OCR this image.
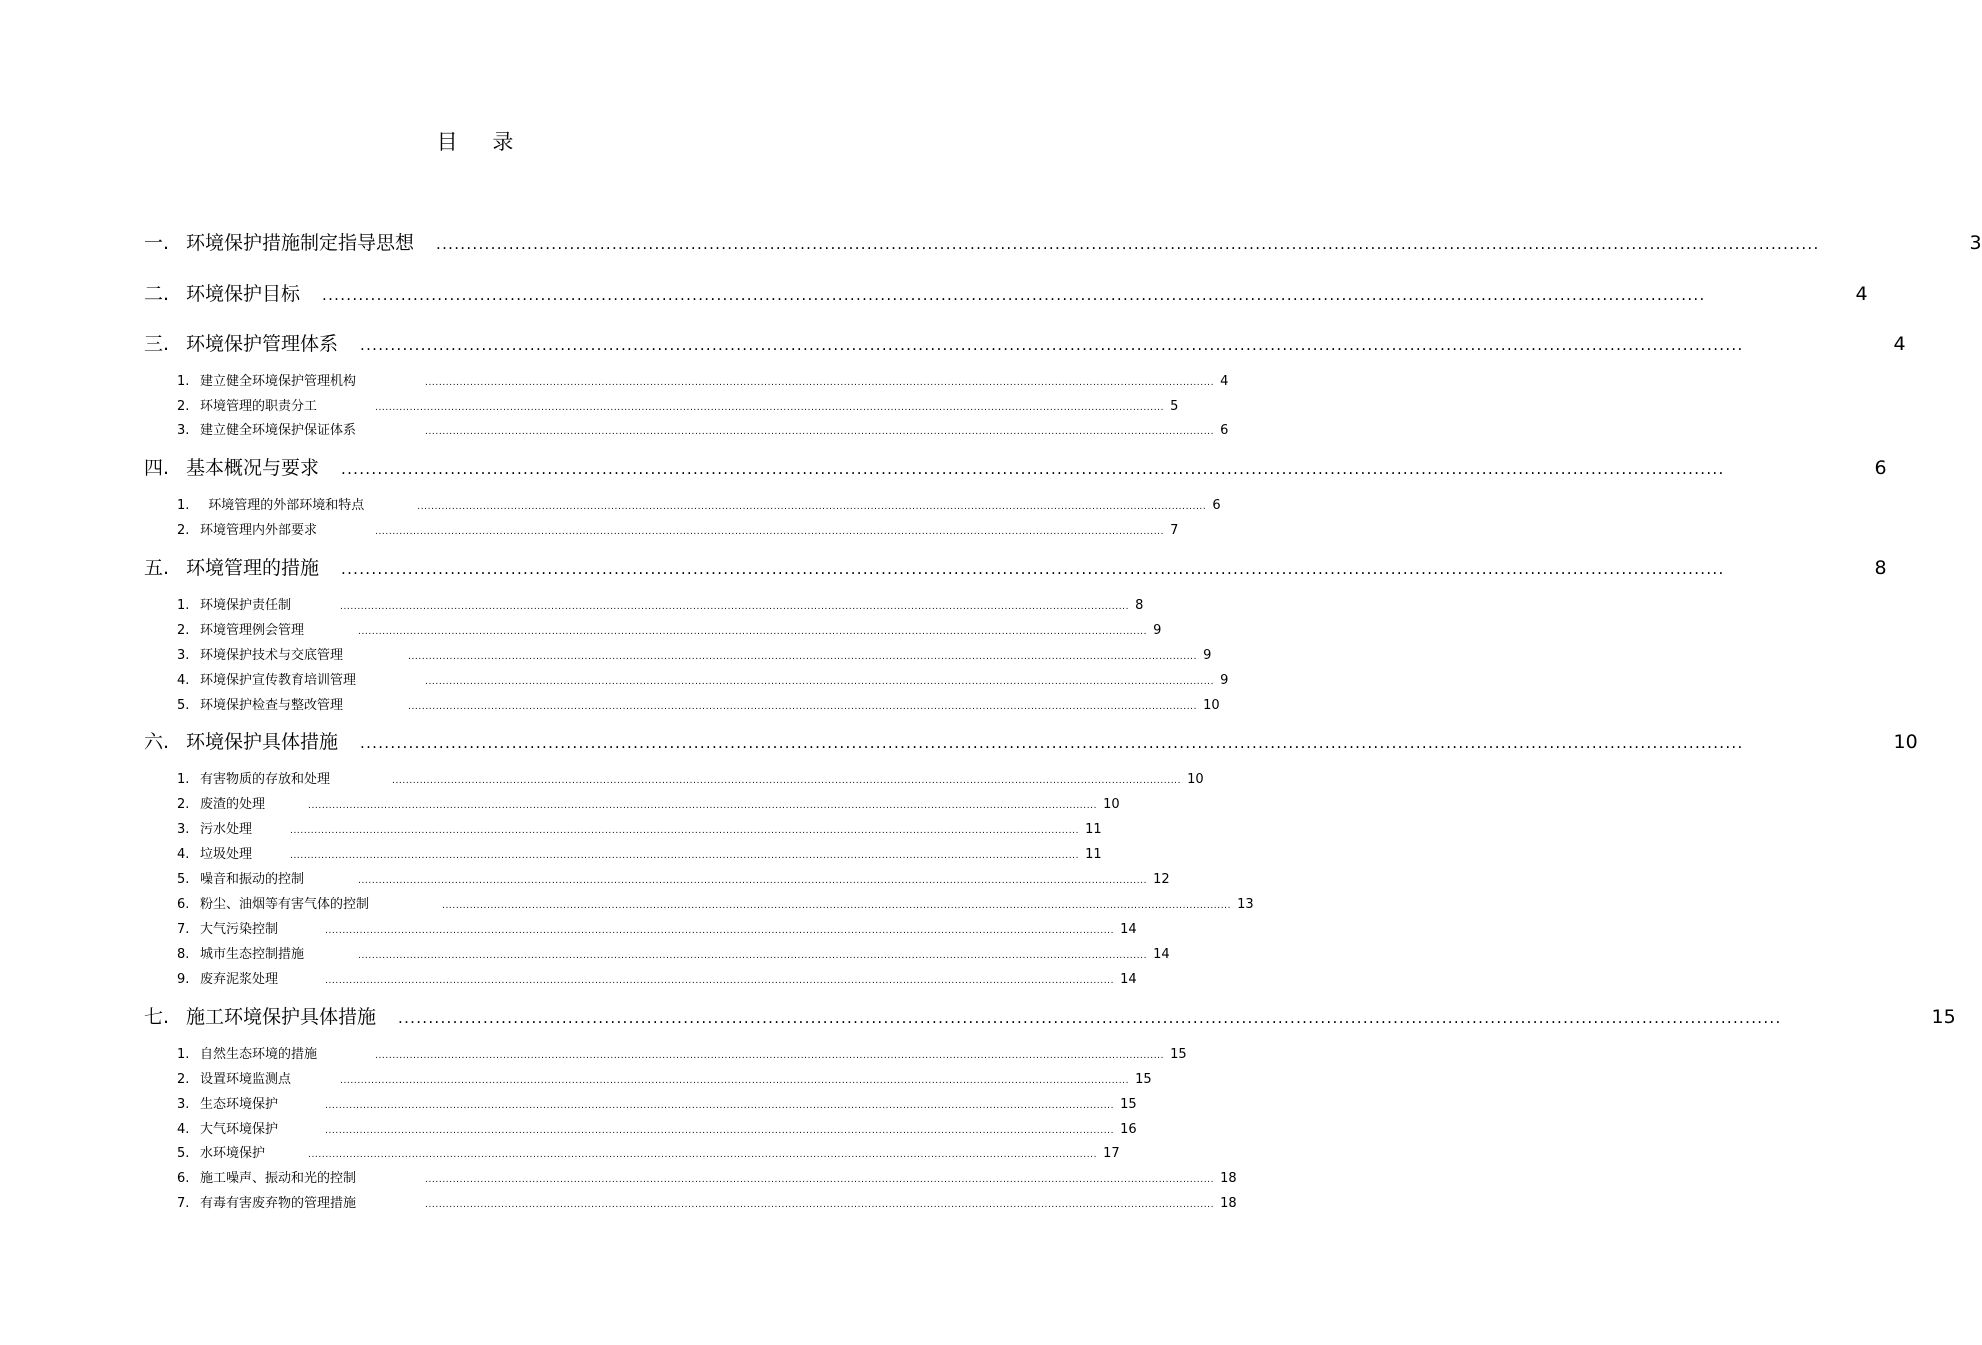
目 录
一. 环境保护措施制定指导思想 ....................................................................................................................................................................................................................................	3
二. 环境保护目标 ....................................................................................................................................................................................................................................	4
三. 环境保护管理体系 ....................................................................................................................................................................................................................................	4
1. 建立健全环境保护管理机构	.................................................................................................................................................................................................................................... 4
2. 环境管理的职责分工	.................................................................................................................................................................................................................................... 5
3. 建立健全环境保护保证体系	.................................................................................................................................................................................................................................... 6
四. 基本概况与要求 ....................................................................................................................................................................................................................................	6
1. 环境管理的外部环境和特点	.................................................................................................................................................................................................................................... 6
2. 环境管理内外部要求	.................................................................................................................................................................................................................................... 7
五. 环境管理的措施 ....................................................................................................................................................................................................................................	8
1. 环境保护责任制	.................................................................................................................................................................................................................................... 8
2. 环境管理例会管理	.................................................................................................................................................................................................................................... 9
3. 环境保护技术与交底管理	.................................................................................................................................................................................................................................... 9
4. 环境保护宣传教育培训管理	.................................................................................................................................................................................................................................... 9
5. 环境保护检查与整改管理	.................................................................................................................................................................................................................................... 10
六. 环境保护具体措施 ....................................................................................................................................................................................................................................	10
1. 有害物质的存放和处理	.................................................................................................................................................................................................................................... 10
2. 废渣的处理	.................................................................................................................................................................................................................................... 10
3. 污水处理	.................................................................................................................................................................................................................................... 11
4. 垃圾处理	.................................................................................................................................................................................................................................... 11
5. 噪音和振动的控制	.................................................................................................................................................................................................................................... 12
6. 粉尘、油烟等有害气体的控制	.................................................................................................................................................................................................................................... 13
7. 大气污染控制	.................................................................................................................................................................................................................................... 14
8. 城市生态控制措施	.................................................................................................................................................................................................................................... 14
9. 废弃泥浆处理	.................................................................................................................................................................................................................................... 14
七. 施工环境保护具体措施 ....................................................................................................................................................................................................................................	15
1. 自然生态环境的措施	.................................................................................................................................................................................................................................... 15
2. 设置环境监测点	.................................................................................................................................................................................................................................... 15
3. 生态环境保护	.................................................................................................................................................................................................................................... 15
4. 大气环境保护	.................................................................................................................................................................................................................................... 16
5. 水环境保护	.................................................................................................................................................................................................................................... 17
6. 施工噪声、振动和光的控制	.................................................................................................................................................................................................................................... 18
7. 有毒有害废弃物的管理措施	.................................................................................................................................................................................................................................... 18
